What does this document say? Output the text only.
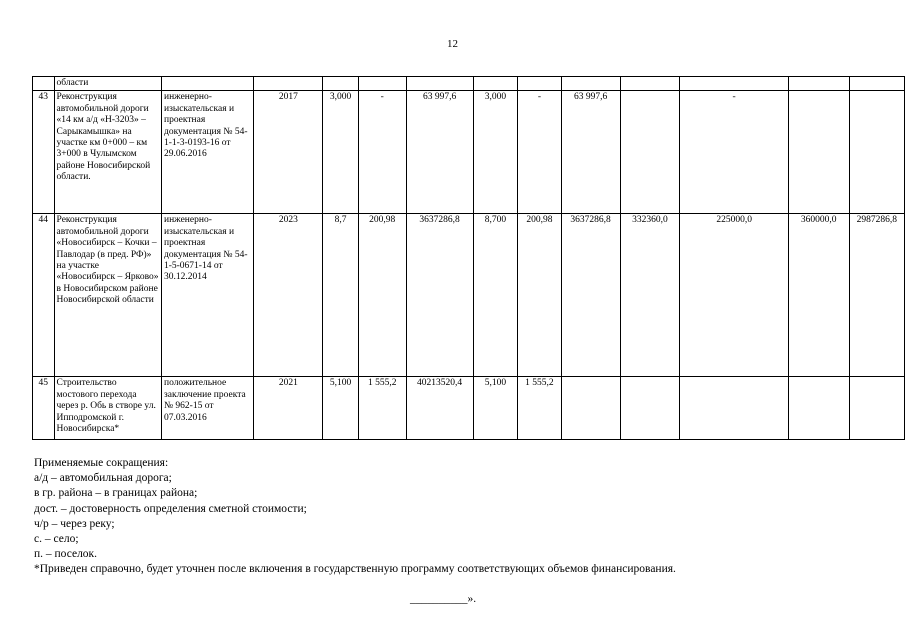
12
	области												
43	Реконструкция автомобильной дороги «14 км а/д «Н-3203» – Сарыкамышка» на участке км 0+000 – км 3+000 в Чулымском районе Новосибирской области.	инженерно-изыскательская и проектная документация № 54-1-1-3-0193-16 от 29.06.2016	2017	3,000	-	63 997,6	3,000	-	63 997,6		-		
44	Реконструкция автомобильной дороги «Новосибирск – Кочки – Павлодар (в пред. РФ)» на участке «Новосибирск – Ярково» в Новосибирском районе Новосибирской области	инженерно-изыскательская и проектная документация № 54-1-5-0671-14 от 30.12.2014	2023	8,7	200,98	3637286,8	8,700	200,98	3637286,8	332360,0	225000,0	360000,0	2987286,8
45	Строительство мостового перехода через р. Обь в створе ул. Ипподромской г. Новосибирска*	положительное заключение проекта № 962-15 от 07.03.2016	2021	5,100	1 555,2	40213520,4	5,100	1 555,2					
Применяемые сокращения:
а/д – автомобильная дорога;
в гр. района – в границах района;
дост. – достоверность определения сметной стоимости;
ч/р – через реку;
с. – село;
п. – поселок.
*Приведен справочно, будет уточнен после включения в государственную программу соответствующих объемов финансирования.
__________».
